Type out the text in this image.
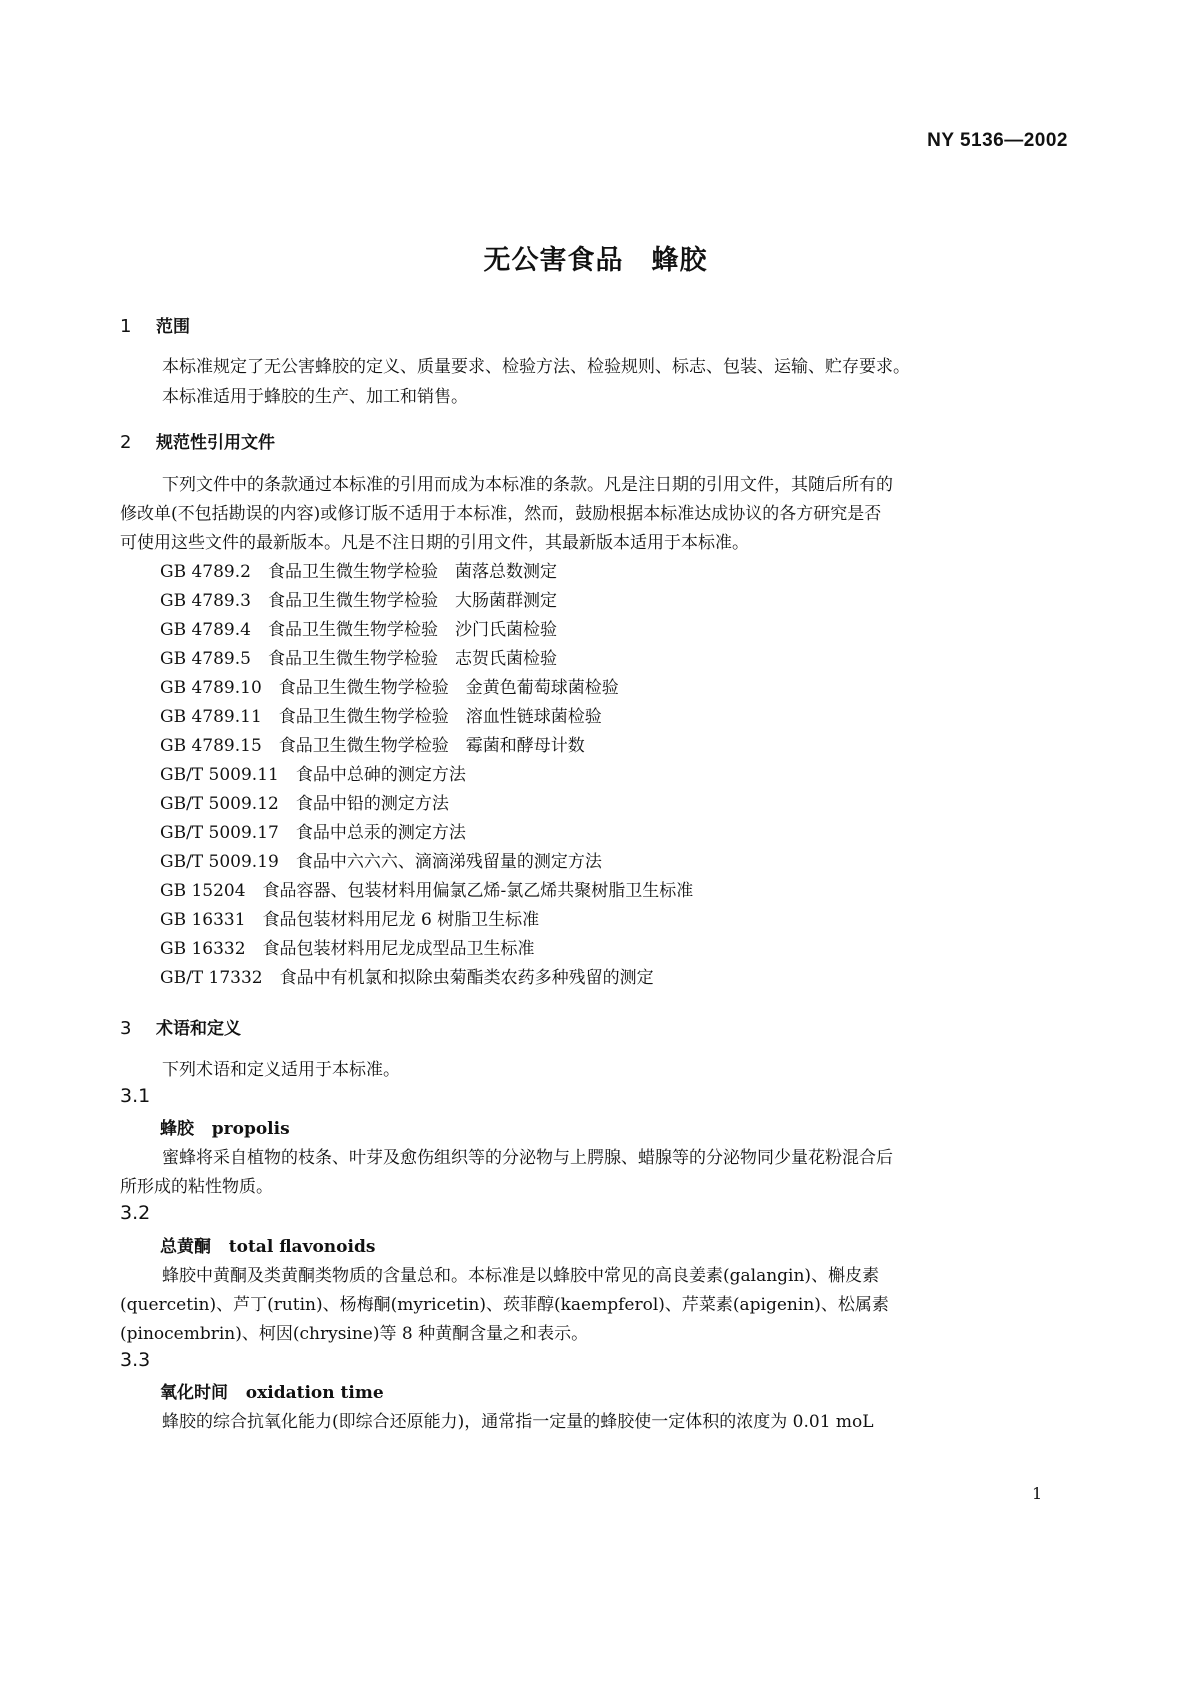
NY 5136—2002
无公害食品　蜂胶
1 范围
本标准规定了无公害蜂胶的定义、质量要求、检验方法、检验规则、标志、包装、运输、贮存要求。
本标准适用于蜂胶的生产、加工和销售。
2 规范性引用文件
下列文件中的条款通过本标准的引用而成为本标准的条款。凡是注日期的引用文件，其随后所有的
修改单(不包括勘误的内容)或修订版不适用于本标准，然而，鼓励根据本标准达成协议的各方研究是否
可使用这些文件的最新版本。凡是不注日期的引用文件，其最新版本适用于本标准。
GB 4789.2　食品卫生微生物学检验　菌落总数测定
GB 4789.3　食品卫生微生物学检验　大肠菌群测定
GB 4789.4　食品卫生微生物学检验　沙门氏菌检验
GB 4789.5　食品卫生微生物学检验　志贺氏菌检验
GB 4789.10　食品卫生微生物学检验　金黄色葡萄球菌检验
GB 4789.11　食品卫生微生物学检验　溶血性链球菌检验
GB 4789.15　食品卫生微生物学检验　霉菌和酵母计数
GB/T 5009.11　食品中总砷的测定方法
GB/T 5009.12　食品中铅的测定方法
GB/T 5009.17　食品中总汞的测定方法
GB/T 5009.19　食品中六六六、滴滴涕残留量的测定方法
GB 15204　食品容器、包装材料用偏氯乙烯-氯乙烯共聚树脂卫生标准
GB 16331　食品包装材料用尼龙 6 树脂卫生标准
GB 16332　食品包装材料用尼龙成型品卫生标准
GB/T 17332　食品中有机氯和拟除虫菊酯类农药多种残留的测定
3 术语和定义
下列术语和定义适用于本标准。
3.1
蜂胶 propolis
蜜蜂将采自植物的枝条、叶芽及愈伤组织等的分泌物与上腭腺、蜡腺等的分泌物同少量花粉混合后
所形成的粘性物质。
3.2
总黄酮 total flavonoids
蜂胶中黄酮及类黄酮类物质的含量总和。本标准是以蜂胶中常见的高良姜素(galangin)、槲皮素
(quercetin)、芦丁(rutin)、杨梅酮(myricetin)、莰菲醇(kaempferol)、芹菜素(apigenin)、松属素
(pinocembrin)、柯因(chrysine)等 8 种黄酮含量之和表示。
3.3
氧化时间 oxidation time
蜂胶的综合抗氧化能力(即综合还原能力)，通常指一定量的蜂胶使一定体积的浓度为 0.01 moL
1
